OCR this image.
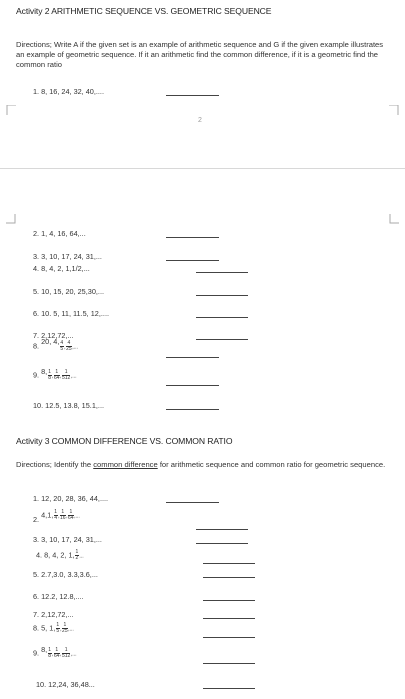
Activity 2 ARITHMETIC SEQUENCE VS. GEOMETRIC SEQUENCE
Directions; Write A if the given set is an example of arithmetic sequence and G if the given example illustrates an example of geometric sequence. If it an arithmetic find the common difference, if it is a geometric find the common ratio
1. 8, 16, 24, 32, 40,....
2
2. 1, 4, 16, 64,...
3. 3, 10, 17, 24, 31,...
4. 8, 4, 2, 1,1/2,...
5. 10, 15, 20, 25,30,...
6. 10. 5, 11, 11.5, 12,....
7. 2,12,72,...
8. 20, 4, $\frac{4}{5}$ , $\frac{4}{25}$ ,...
9. 8, $\frac{1}{8}$ , $\frac{1}{64}$ , $\frac{1}{512}$ ,...
10. 12.5, 13.8, 15.1,...
Activity 3 COMMON DIFFERENCE VS. COMMON RATIO
Directions; Identify the common difference for arithmetic sequence and common ratio for geometric sequence.
1. 12, 20, 28, 36, 44,....
2. 4,1, $\frac{1}{4}$ , $\frac{1}{16}$ , $\frac{1}{64}$ ,...
3. 3, 10, 17, 24, 31,...
4. 8, 4, 2, 1, $\frac{1}{2}$ ...
5. 2.7,3.0, 3.3,3.6,...
6. 12.2, 12.8,....
7. 2,12,72,...
8. 5, 1, $\frac{1}{5}$ , $\frac{1}{25}$ ,...
9. 8, $\frac{1}{8}$ , $\frac{1}{64}$ , $\frac{1}{512}$ ,...
10. 12,24, 36,48...
